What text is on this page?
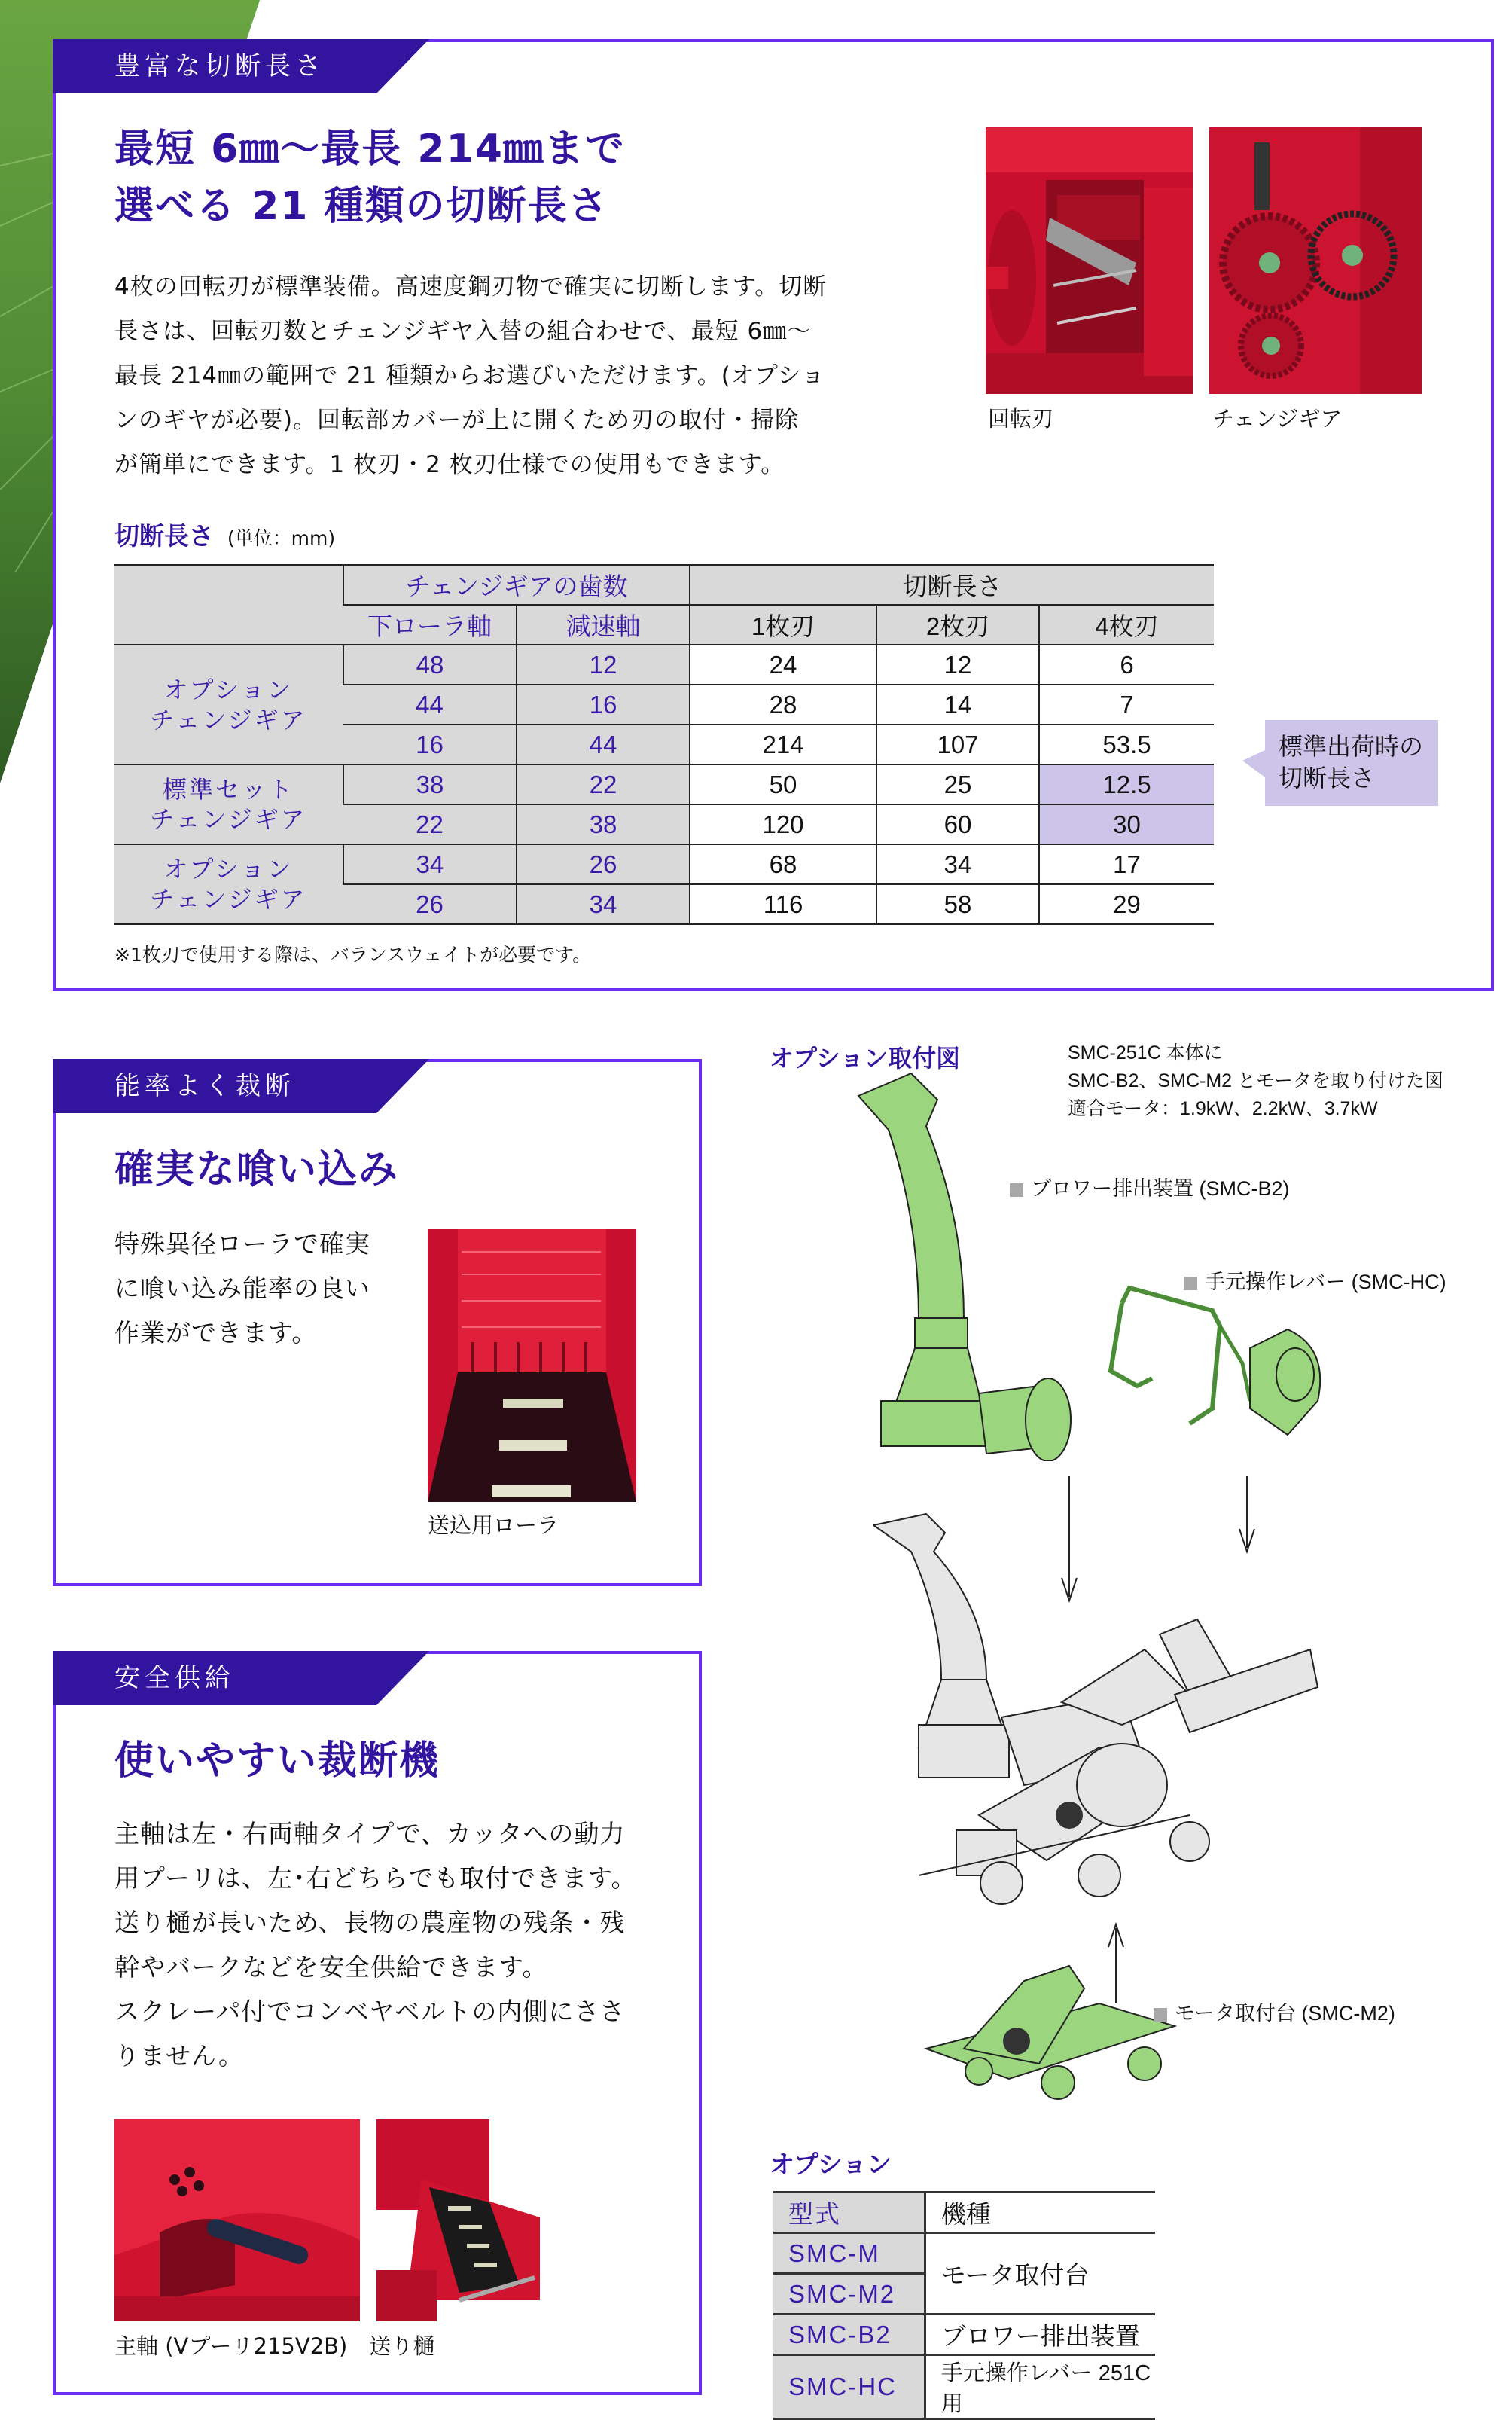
豊富な切断長さ
最短 6㎜～最長 214㎜まで
選べる 21 種類の切断長さ
4枚の回転刃が標準装備。高速度鋼刃物で確実に切断します。切断
長さは、回転刃数とチェンジギヤ入替の組合わせで、最短 6㎜～
最長 214㎜の範囲で 21 種類からお選びいただけます。(オプショ
ンのギヤが必要)。回転部カバーが上に開くため刃の取付・掃除
が簡単にできます。1 枚刃・2 枚刃仕様での使用もできます。
回転刃	チェンジギア
切断長さ (単位：mm)
	チェンジギアの歯数		切断長さ		
	下ローラ軸	減速軸	1枚刃	2枚刃	4枚刃

オプション
チェンジギア	48	12	24	12	6
	44	16	28	14	7
	16	44	214	107	53.5

標準セット
チェンジギア	38	22	50	25	12.5
	22	38	120	60	30

オプション
チェンジギア	34	26	68	34	17
	26	34	116	58	29
標準出荷時の
切断長さ
※1枚刃で使用する際は、バランスウェイトが必要です。
能率よく裁断
確実な喰い込み
特殊異径ローラで確実
に喰い込み能率の良い
作業ができます。
送込用ローラ
安全供給
使いやすい裁断機
主軸は左・右両軸タイプで、カッタへの動力
用プーリは、左･右どちらでも取付できます。
送り樋が長いため、長物の農産物の残条・残
幹やバークなどを安全供給できます。
スクレーパ付でコンベヤベルトの内側にささ
りません。
主軸 (Vプーリ215V2B)　送り樋
オプション取付図	SMC-251C 本体に
SMC-B2、SMC-M2 とモータを取り付けた図
適合モータ：1.9kW、2.2kW、3.7kW
ブロワー排出装置 (SMC-B2)
手元操作レバー (SMC-HC)
モータ取付台 (SMC-M2)
オプション
型式	機種
SMC-M	モータ取付台
SMC-M2	
SMC-B2	ブロワー排出装置
SMC-HC	手元操作レバー 251C用
